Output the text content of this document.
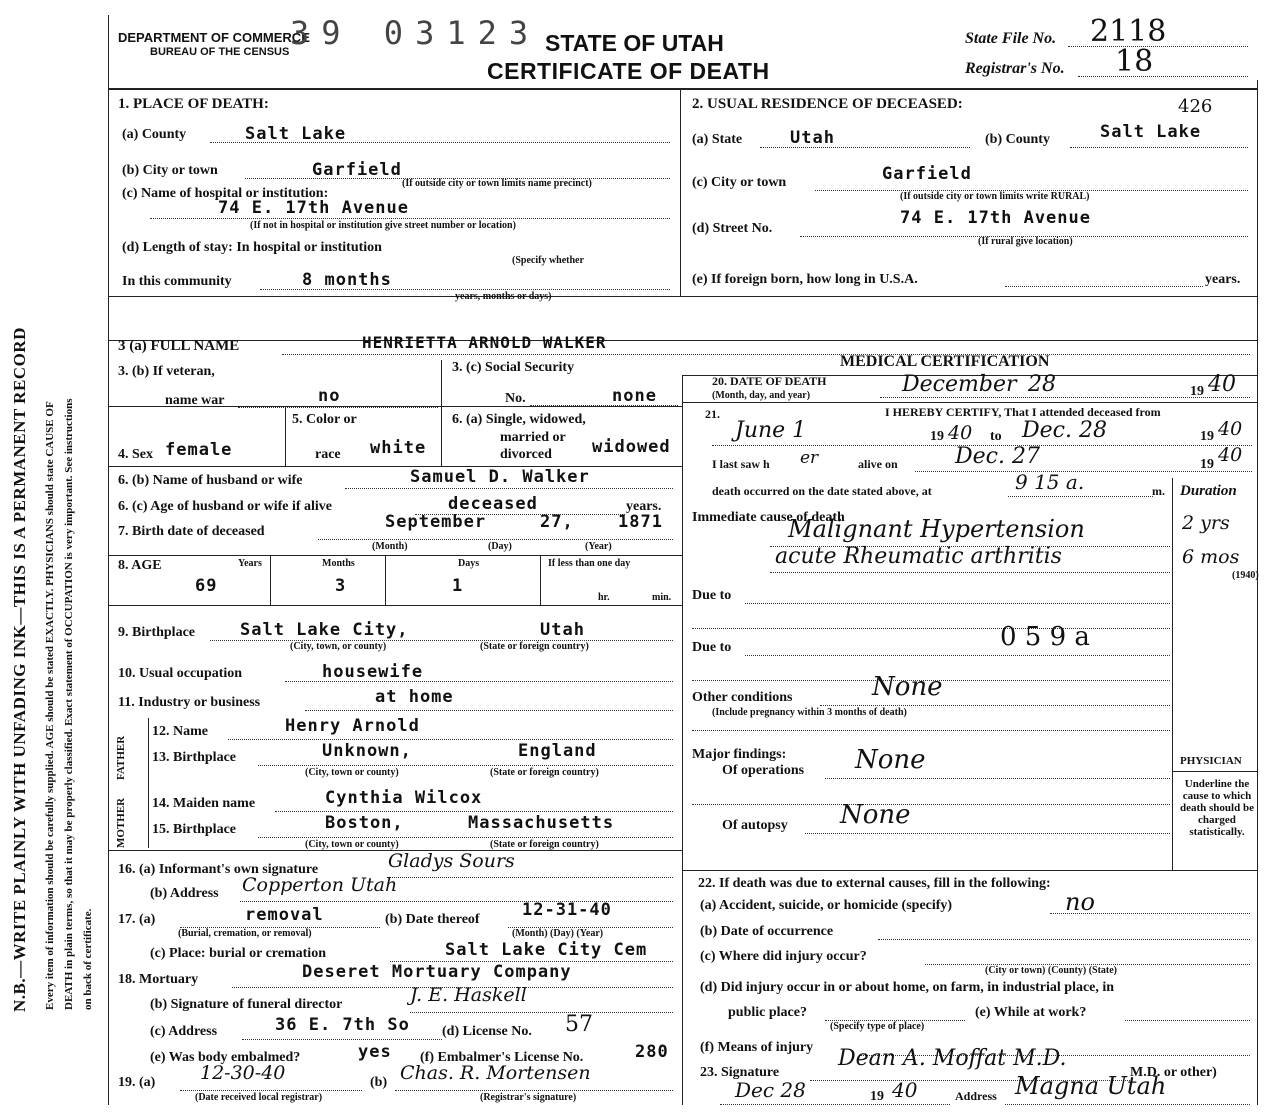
N.B.—WRITE PLAINLY WITH UNFADING INK—THIS IS A PERMANENT RECORD Every item of information should be carefully supplied. AGE should be stated EXACTLY. PHYSICIANS should state CAUSE OF DEATH in plain terms, so that it may be properly classified. Exact statement of OCCUPATION is very important. See instructions on back of certificate.
DEPARTMENT OF COMMERCE
BUREAU OF THE CENSUS 39 03123 STATE OF UTAH
CERTIFICATE OF DEATH
State File No. 2118
Registrar's No. 18
1. PLACE OF DEATH:
(a) County	Salt Lake
(b) City or town	Garfield
(c) Name of hospital or institution:
(If outside city or town limits name precinct)
74 E. 17th Avenue
(If not in hospital or institution give street number or location)
(d) Length of stay: In hospital or institution
(Specify whether
In this community	8 months
years, months or days)
2. USUAL RESIDENCE OF DECEASED:
(a) State	Utah	(b) County	Salt Lake
426
(c) City or town	Garfield
(If outside city or town limits write RURAL)
(d) Street No.
74 E. 17th Avenue
(If rural give location)
(e) If foreign born, how long in U.S.A.	years.
3 (a) FULL NAME	HENRIETTA ARNOLD WALKER
3. (b) If veteran,
name war	no
3. (c) Social Security
No.	none
MEDICAL CERTIFICATION
20. DATE OF DEATH
(Month, day, and year)	December 28	19 40
4. Sex female
5. Color or
race white
6. (a) Single, widowed,
married or
divorced widowed
6. (b) Name of husband or wife	Samuel D. Walker
6. (c) Age of husband or wife if alive	deceased	years.
7. Birth date of deceased	September	27,	1871
(Month)	(Day)	(Year)
8. AGE	Years	Months	Days	If less than one day
69	3	1
hr.	min.
9. Birthplace	Salt Lake City,	Utah
(City, town, or county)	(State or foreign country)
10. Usual occupation	housewife
11. Industry or business	at home
FATHER
MOTHER
12. Name	Henry Arnold
13. Birthplace	Unknown,	England
(City, town or county)	(State or foreign country)
14. Maiden name	Cynthia Wilcox
15. Birthplace	Boston,	Massachusetts
(City, town or county)	(State or foreign country)
16. (a) Informant's own signature	Gladys Sours
(b) Address Copperton Utah
17. (a)	removal	(b) Date thereof 12-31-40
(Burial, cremation, or removal)	(Month) (Day) (Year)
(c) Place: burial or cremation	Salt Lake City Cem
18. Mortuary	Deseret Mortuary Company
(b) Signature of funeral director	J. E. Haskell
(c) Address	36 E. 7th So (d) License No. 57
(e) Was body embalmed?	yes (f) Embalmer's License No.	280
19. (a) 12-30-40	(b) Chas. R. Mortensen
(Date received local registrar)	(Registrar's signature)
21.	I HEREBY CERTIFY, That I attended deceased from
June 1	19 40 to Dec. 28	19 40
I last saw h er	alive on	Dec. 27	19 40
death occurred on the date stated above, at	9 15 a.	m. Duration
Immediate cause of death
Malignant Hypertension
acute Rheumatic arthritis
2 yrs
6 mos
(1940)
Due to
Due to	0 5 9 a
Other conditions	None
(Include pregnancy within 3 months of death)
Major findings:
Of operations None
Of autopsy None
PHYSICIAN
Underline the cause to which death should be charged statistically.
22. If death was due to external causes, fill in the following:
(a) Accident, suicide, or homicide (specify)	no
(b) Date of occurrence
(c) Where did injury occur?
(City or town) (County) (State)
(d) Did injury occur in or about home, on farm, in industrial place, in
public place?
(Specify type of place)
(e) While at work?
(f) Means of injury
23. Signature
Dean A. Moffat M.D.
M.D. or other)
Dec 28	19 40	Address Magna Utah
